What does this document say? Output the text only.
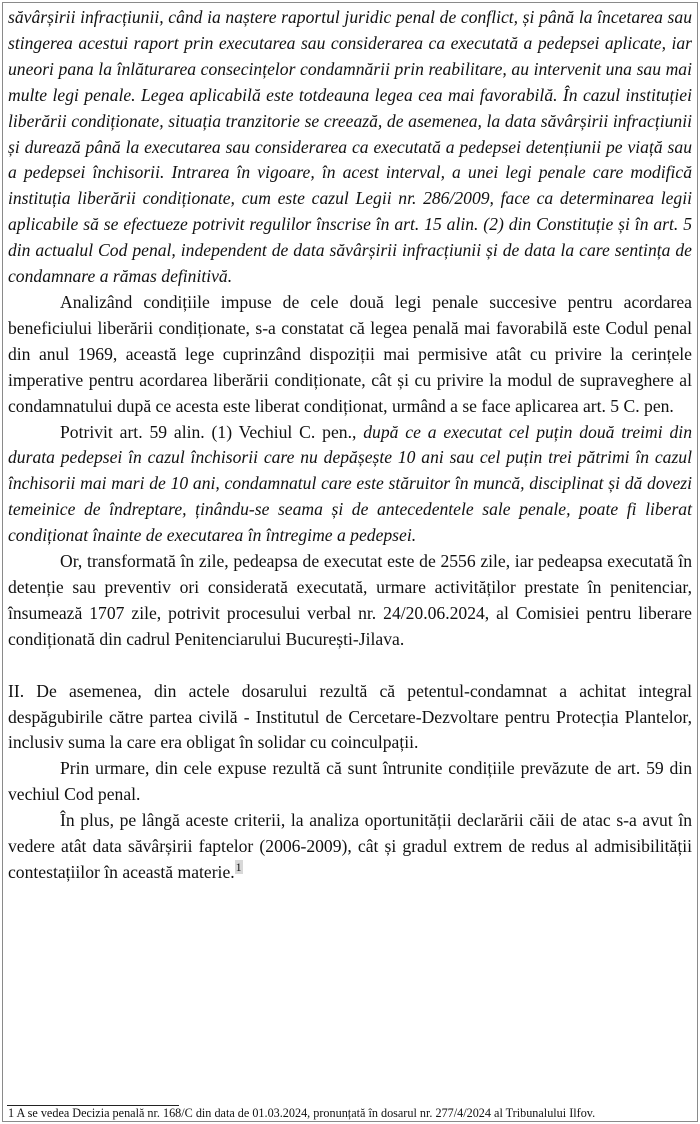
săvârșirii infracțiunii, când ia naștere raportul juridic penal de conflict, și până la încetarea sau stingerea acestui raport prin executarea sau considerarea ca executată a pedepsei aplicate, iar uneori pana la înlăturarea consecințelor condamnării prin reabilitare, au intervenit una sau mai multe legi penale. Legea aplicabilă este totdeauna legea cea mai favorabilă. În cazul instituției liberării condiționate, situația tranzitorie se creează, de asemenea, la data săvârșirii infracțiunii și durează până la executarea sau considerarea ca executată a pedepsei detențiunii pe viață sau a pedepsei închisorii. Intrarea în vigoare, în acest interval, a unei legi penale care modifică instituția liberării condiționate, cum este cazul Legii nr. 286/2009, face ca determinarea legii aplicabile să se efectueze potrivit regulilor înscrise în art. 15 alin. (2) din Constituție și în art. 5 din actualul Cod penal, independent de data săvârșirii infracțiunii și de data la care sentința de condamnare a rămas definitivă.

Analizând condițiile impuse de cele două legi penale succesive pentru acordarea beneficiului liberării condiționate, s-a constatat că legea penală mai favorabilă este Codul penal din anul 1969, această lege cuprinzând dispoziții mai permisive atât cu privire la cerințele imperative pentru acordarea liberării condiționate, cât și cu privire la modul de supraveghere al condamnatului după ce acesta este liberat condiționat, urmând a se face aplicarea art. 5 C. pen.

Potrivit art. 59 alin. (1) Vechiul C. pen., după ce a executat cel puțin două treimi din durata pedepsei în cazul închisorii care nu depășește 10 ani sau cel puțin trei pătrimi în cazul închisorii mai mari de 10 ani, condamnatul care este stăruitor în muncă, disciplinat și dă dovezi temeinice de îndreptare, ținându-se seama și de antecedentele sale penale, poate fi liberat condiționat înainte de executarea în întregime a pedepsei.

Or, transformată în zile, pedeapsa de executat este de 2556 zile, iar pedeapsa executată în detenție sau preventiv ori considerată executată, urmare activităților prestate în penitenciar, însumează 1707 zile, potrivit procesului verbal nr. 24/20.06.2024, al Comisiei pentru liberare condiționată din cadrul Penitenciarului București-Jilava.

II. De asemenea, din actele dosarului rezultă că petentul-condamnat a achitat integral despăgubirile către partea civilă - Institutul de Cercetare-Dezvoltare pentru Protecția Plantelor, inclusiv suma la care era obligat în solidar cu coinculpații.

Prin urmare, din cele expuse rezultă că sunt întrunite condițiile prevăzute de art. 59 din vechiul Cod penal.

În plus, pe lângă aceste criterii, la analiza oportunității declarării căii de atac s-a avut în vedere atât data săvârșirii faptelor (2006-2009), cât și gradul extrem de redus al admisibilității contestațiilor în această materie.$^1$

1 A se vedea Decizia penală nr. 168/C din data de 01.03.2024, pronunțată în dosarul nr. 277/4/2024 al Tribunalului Ilfov.
